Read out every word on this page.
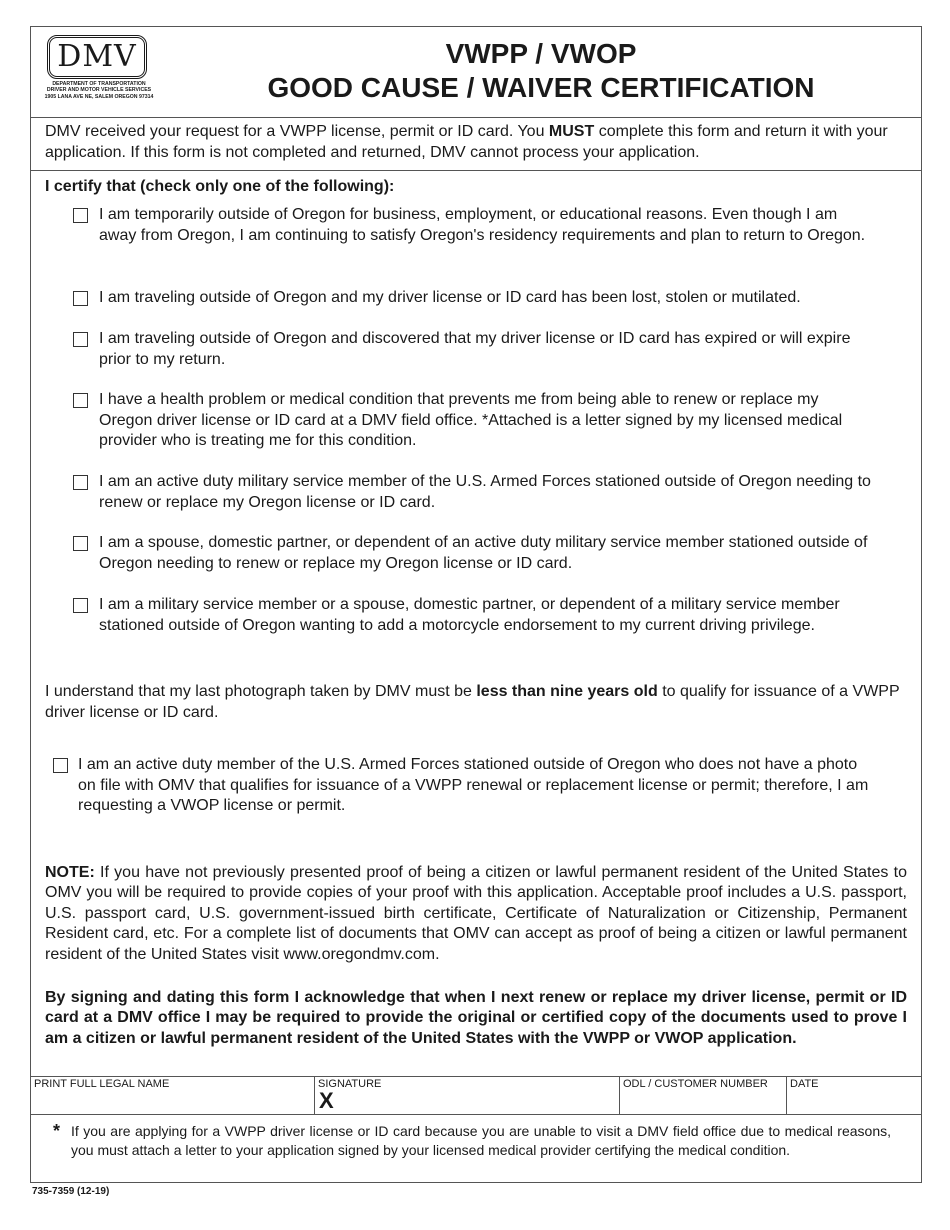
DMV
DEPARTMENT OF TRANSPORTATION
DRIVER AND MOTOR VEHICLE SERVICES
1905 LANA AVE NE, SALEM OREGON 97314
VWPP / VWOP
GOOD CAUSE / WAIVER CERTIFICATION
DMV received your request for a VWPP license, permit or ID card. You MUST complete this form and return it with your application. If this form is not completed and returned, DMV cannot process your application.
I certify that (check only one of the following):
I am temporarily outside of Oregon for business, employment, or educational reasons. Even though I am away from Oregon, I am continuing to satisfy Oregon's residency requirements and plan to return to Oregon.
I am traveling outside of Oregon and my driver license or ID card has been lost, stolen or mutilated.
I am traveling outside of Oregon and discovered that my driver license or ID card has expired or will expire prior to my return.
I have a health problem or medical condition that prevents me from being able to renew or replace my Oregon driver license or ID card at a DMV field office. *Attached is a letter signed by my licensed medical provider who is treating me for this condition.
I am an active duty military service member of the U.S. Armed Forces stationed outside of Oregon needing to renew or replace my Oregon license or ID card.
I am a spouse, domestic partner, or dependent of an active duty military service member stationed outside of Oregon needing to renew or replace my Oregon license or ID card.
I am a military service member or a spouse, domestic partner, or dependent of a military service member stationed outside of Oregon wanting to add a motorcycle endorsement to my current driving privilege.
I understand that my last photograph taken by DMV must be less than nine years old to qualify for issuance of a VWPP driver license or ID card.
I am an active duty member of the U.S. Armed Forces stationed outside of Oregon who does not have a photo on file with OMV that qualifies for issuance of a VWPP renewal or replacement license or permit; therefore, I am requesting a VWOP license or permit.
NOTE: If you have not previously presented proof of being a citizen or lawful permanent resident of the United States to OMV you will be required to provide copies of your proof with this application. Acceptable proof includes a U.S. passport, U.S. passport card, U.S. government-issued birth certificate, Certificate of Naturalization or Citizenship, Permanent Resident card, etc. For a complete list of documents that OMV can accept as proof of being a citizen or lawful permanent resident of the United States visit www.oregondmv.com.
By signing and dating this form I acknowledge that when I next renew or replace my driver license, permit or ID card at a DMV office I may be required to provide the original or certified copy of the documents used to prove I am a citizen or lawful permanent resident of the United States with the VWPP or VWOP application.
PRINT FULL LEGAL NAME	SIGNATURE
X
ODL / CUSTOMER NUMBER	DATE
* If you are applying for a VWPP driver license or ID card because you are unable to visit a DMV field office due to medical reasons, you must attach a letter to your application signed by your licensed medical provider certifying the medical condition.
735-7359 (12-19)
